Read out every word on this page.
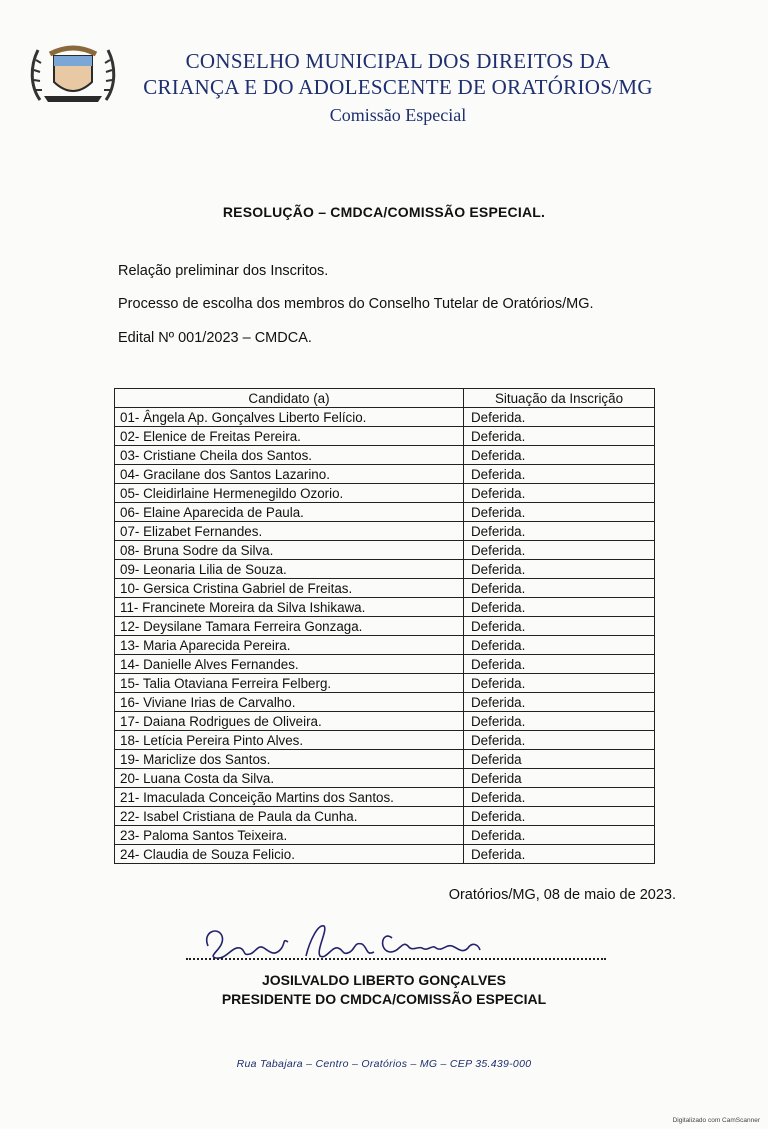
CONSELHO MUNICIPAL DOS DIREITOS DA
CRIANÇA E DO ADOLESCENTE DE ORATÓRIOS/MG
Comissão Especial
RESOLUÇÃO – CMDCA/COMISSÃO ESPECIAL.
Relação preliminar dos Inscritos.
Processo de escolha dos membros do Conselho Tutelar de Oratórios/MG.
Edital Nº 001/2023 – CMDCA.
Candidato (a)	Situação da Inscrição
01- Ângela Ap. Gonçalves Liberto Felício.	Deferida.
02- Elenice de Freitas Pereira.	Deferida.
03- Cristiane Cheila dos Santos.	Deferida.
04- Gracilane dos Santos Lazarino.	Deferida.
05- Cleidirlaine Hermenegildo Ozorio.	Deferida.
06- Elaine Aparecida de Paula.	Deferida.
07- Elizabet Fernandes.	Deferida.
08- Bruna Sodre da Silva.	Deferida.
09- Leonaria Lilia de Souza.	Deferida.
10- Gersica Cristina Gabriel de Freitas.	Deferida.
11- Francinete Moreira da Silva Ishikawa.	Deferida.
12- Deysilane Tamara Ferreira Gonzaga.	Deferida.
13- Maria Aparecida Pereira.	Deferida.
14- Danielle Alves Fernandes.	Deferida.
15- Talia Otaviana Ferreira Felberg.	Deferida.
16- Viviane Irias de Carvalho.	Deferida.
17- Daiana Rodrigues de Oliveira.	Deferida.
18- Letícia Pereira Pinto Alves.	Deferida.
19- Mariclize dos Santos.	Deferida
20- Luana Costa da Silva.	Deferida
21- Imaculada Conceição Martins dos Santos.	Deferida.
22- Isabel Cristiana de Paula da Cunha.	Deferida.
23- Paloma Santos Teixeira.	Deferida.
24- Claudia de Souza Felicio.	Deferida.
Oratórios/MG, 08 de maio de 2023.
JOSILVALDO LIBERTO GONÇALVES
PRESIDENTE DO CMDCA/COMISSÃO ESPECIAL
Rua Tabajara – Centro – Oratórios – MG – CEP 35.439-000
Digitalizado com CamScanner
